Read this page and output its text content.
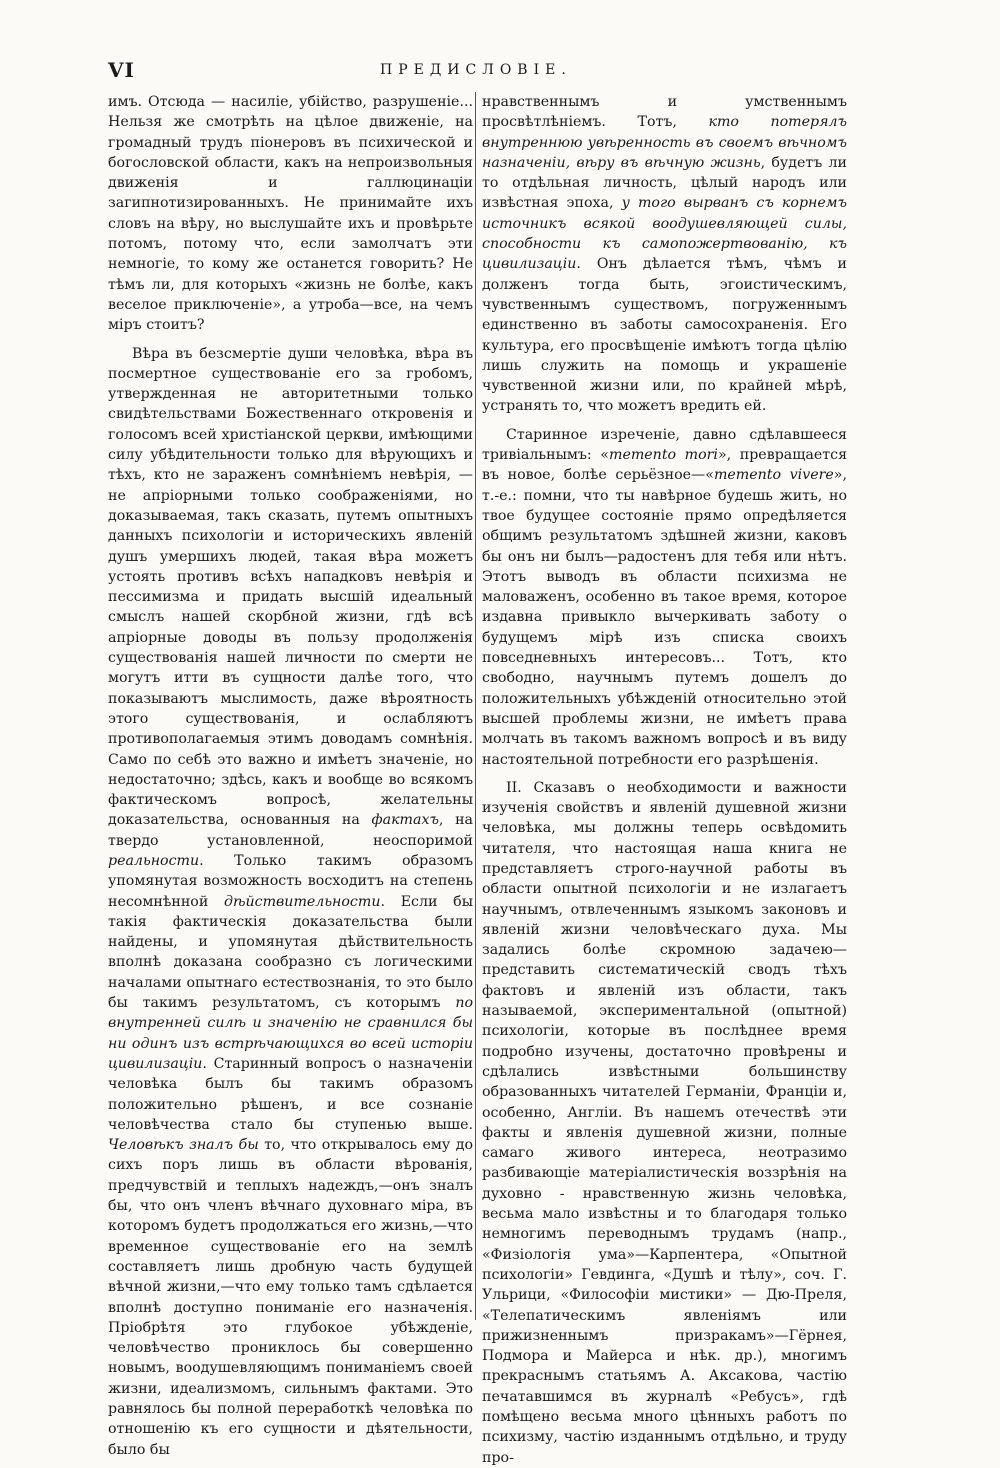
VI	ПРЕДИСЛОВІЕ.

имъ. Отсюда — насиліе, убійство, разрушеніе... Нельзя же смотрѣть на цѣлое движеніе, на громадный трудъ піонеровъ въ психической и богословской области, какъ на непроизвольныя движенія и галлюцинаціи загипнотизированныхъ. Не принимайте ихъ словъ на вѣру, но выслушайте ихъ и провѣрьте потомъ, потому что, если замолчатъ эти немногіе, то кому же останется говорить? Не тѣмъ ли, для которыхъ «жизнь не болѣе, какъ веселое приключеніе», а утроба—все, на чемъ міръ стоитъ?

Вѣра въ безсмертіе души человѣка, вѣра въ посмертное существованіе его за гробомъ, утвержденная не авторитетными только свидѣтельствами Божественнаго откровенія и голосомъ всей христіанской церкви, имѣющими силу убѣдительности только для вѣрующихъ и тѣхъ, кто не зараженъ сомнѣніемъ невѣрія, — не апріорными только соображеніями, но доказываемая, такъ сказать, путемъ опытныхъ данныхъ психологіи и историческихъ явленій душъ умершихъ людей, такая вѣра можетъ устоять противъ всѣхъ нападковъ невѣрія и пессимизма и придать высшій идеальный смыслъ нашей скорбной жизни, гдѣ всѣ апріорные доводы въ пользу продолженія существованія нашей личности по смерти не могутъ итти въ сущности далѣе того, что показываютъ мыслимость, даже вѣроятность этого существованія, и ослабляютъ противополагаемыя этимъ доводамъ сомнѣнія. Само по себѣ это важно и имѣетъ значеніе, но недостаточно; здѣсь, какъ и вообще во всякомъ фактическомъ вопросѣ, желательны доказательства, основанныя на фактахъ, на твердо установленной, неоспоримой реальности. Только такимъ образомъ упомянутая возможность восходитъ на степень несомнѣнной дѣйствительности. Если бы такія фактическія доказательства были найдены, и упомянутая дѣйствительность вполнѣ доказана сообразно съ логическими началами опытнаго естествознанія, то это было бы такимъ результатомъ, съ которымъ по внутренней силѣ и значенію не сравнился бы ни одинъ изъ встрѣчающихся во всей исторіи цивилизаціи. Старинный вопросъ о назначеніи человѣка былъ бы такимъ образомъ положительно рѣшенъ, и все сознаніе человѣчества стало бы ступенью выше. Человѣкъ зналъ бы то, что открывалось ему до сихъ поръ лишь въ области вѣрованія, предчувствій и теплыхъ надеждъ,—онъ зналъ бы, что онъ членъ вѣчнаго духовнаго міра, въ которомъ будетъ продолжаться его жизнь,—что временное существованіе его на землѣ составляетъ лишь дробную часть будущей вѣчной жизни,—что ему только тамъ сдѣлается вполнѣ доступно пониманіе его назначенія. Пріобрѣтя это глубокое убѣжденіе, человѣчество прониклось бы совершенно новымъ, воодушевляющимъ пониманіемъ своей жизни, идеализмомъ, сильнымъ фактами. Это равнялось бы полной переработкѣ человѣка по отношенію къ его сущности и дѣятельности, было бы

нравственнымъ и умственнымъ просвѣтлѣніемъ. Тотъ, кто потерялъ внутреннюю увѣренность въ своемъ вѣчномъ назначеніи, вѣру въ вѣчную жизнь, будетъ ли то отдѣльная личность, цѣлый народъ или извѣстная эпоха, у того вырванъ съ корнемъ источникъ всякой воодушевляющей силы, способности къ самопожертвованію, къ цивилизаціи. Онъ дѣлается тѣмъ, чѣмъ и долженъ тогда быть, эгоистическимъ, чувственнымъ существомъ, погруженнымъ единственно въ заботы самосохраненія. Его культура, его просвѣщеніе имѣютъ тогда цѣлію лишь служить на помощь и украшеніе чувственной жизни или, по крайней мѣрѣ, устранять то, что можетъ вредить ей.

Старинное изреченіе, давно сдѣлавшееся тривіальнымъ: «memento mori», превращается въ новое, болѣе серьёзное—«memento vivere», т.-е.: помни, что ты навѣрное будешь жить, но твое будущее состояніе прямо опредѣляется общимъ результатомъ здѣшней жизни, каковъ бы онъ ни былъ—радостенъ для тебя или нѣтъ. Этотъ выводъ въ области психизма не маловаженъ, особенно въ такое время, которое издавна привыкло вычеркивать заботу о будущемъ мірѣ изъ списка своихъ повседневныхъ интересовъ... Тотъ, кто свободно, научнымъ путемъ дошелъ до положительныхъ убѣжденій относительно этой высшей проблемы жизни, не имѣетъ права молчать въ такомъ важномъ вопросѣ и въ виду настоятельной потребности его разрѣшенія.

II. Сказавъ о необходимости и важности изученія свойствъ и явленій душевной жизни человѣка, мы должны теперь освѣдомить читателя, что настоящая наша книга не представляетъ строго-научной работы въ области опытной психологіи и не излагаетъ научнымъ, отвлеченнымъ языкомъ законовъ и явленій жизни человѣческаго духа. Мы задались болѣе скромною задачею—представить систематическій сводъ тѣхъ фактовъ и явленій изъ области, такъ называемой, экспериментальной (опытной) психологіи, которые въ послѣднее время подробно изучены, достаточно провѣрены и сдѣлались извѣстными большинству образованныхъ читателей Германіи, Франціи и, особенно, Англіи. Въ нашемъ отечествѣ эти факты и явленія душевной жизни, полные самаго живого интереса, неотразимо разбивающіе матеріалистическія воззрѣнія на духовно - нравственную жизнь человѣка, весьма мало извѣстны и то благодаря только немногимъ переводнымъ трудамъ (напр., «Физіологія ума»—Карпентера, «Опытной психологіи» Гевдинга, «Душѣ и тѣлу», соч. Г. Ульрици, «Философіи мистики» — Дю-Преля, «Телепатическимъ явленіямъ или прижизненнымъ призракамъ»—Гёрнея, Подмора и Майерса и нѣк. др.), многимъ прекраснымъ статьямъ А. Аксакова, частію печатавшимся въ журналѣ «Ребусъ», гдѣ помѣщено весьма много цѣнныхъ работъ по психизму, частію изданнымъ отдѣльно, и труду про-
